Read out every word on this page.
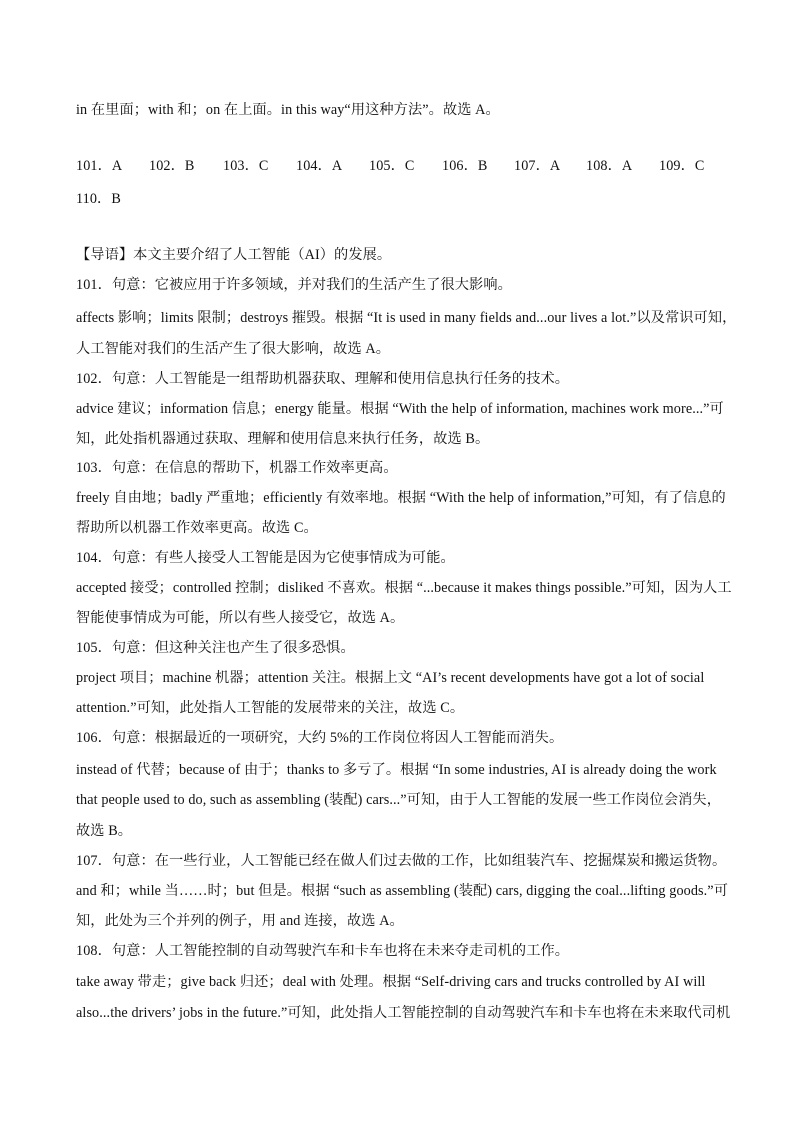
in 在里面；with 和；on 在上面。in this way“用这种方法”。故选 A。
101．A 102．B 103．C 104．A 105．C 106．B 107．A 108．A 109．C
110．B
【导语】本文主要介绍了人工智能（AI）的发展。
101．句意：它被应用于许多领域，并对我们的生活产生了很大影响。
affects 影响；limits 限制；destroys 摧毁。根据 “It is used in many fields and...our lives a lot.”以及常识可知，
人工智能对我们的生活产生了很大影响，故选 A。
102．句意：人工智能是一组帮助机器获取、理解和使用信息执行任务的技术。
advice 建议；information 信息；energy 能量。根据 “With the help of information, machines work more...”可
知，此处指机器通过获取、理解和使用信息来执行任务，故选 B。
103．句意：在信息的帮助下，机器工作效率更高。
freely 自由地；badly 严重地；efficiently 有效率地。根据 “With the help of information,”可知，有了信息的
帮助所以机器工作效率更高。故选 C。
104．句意：有些人接受人工智能是因为它使事情成为可能。
accepted 接受；controlled 控制；disliked 不喜欢。根据 “...because it makes things possible.”可知，因为人工
智能使事情成为可能，所以有些人接受它，故选 A。
105．句意：但这种关注也产生了很多恐惧。
project 项目；machine 机器；attention 关注。根据上文 “AI’s recent developments have got a lot of social
attention.”可知，此处指人工智能的发展带来的关注，故选 C。
106．句意：根据最近的一项研究，大约 5%的工作岗位将因人工智能而消失。
instead of 代替；because of 由于；thanks to 多亏了。根据 “In some industries, AI is already doing the work
that people used to do, such as assembling (装配) cars...”可知，由于人工智能的发展一些工作岗位会消失，
故选 B。
107．句意：在一些行业，人工智能已经在做人们过去做的工作，比如组装汽车、挖掘煤炭和搬运货物。
and 和；while 当……时；but 但是。根据 “such as assembling (装配) cars, digging the coal...lifting goods.”可
知，此处为三个并列的例子，用 and 连接，故选 A。
108．句意：人工智能控制的自动驾驶汽车和卡车也将在未来夺走司机的工作。
take away 带走；give back 归还；deal with 处理。根据 “Self-driving cars and trucks controlled by AI will
also...the drivers’ jobs in the future.”可知，此处指人工智能控制的自动驾驶汽车和卡车也将在未来取代司机
